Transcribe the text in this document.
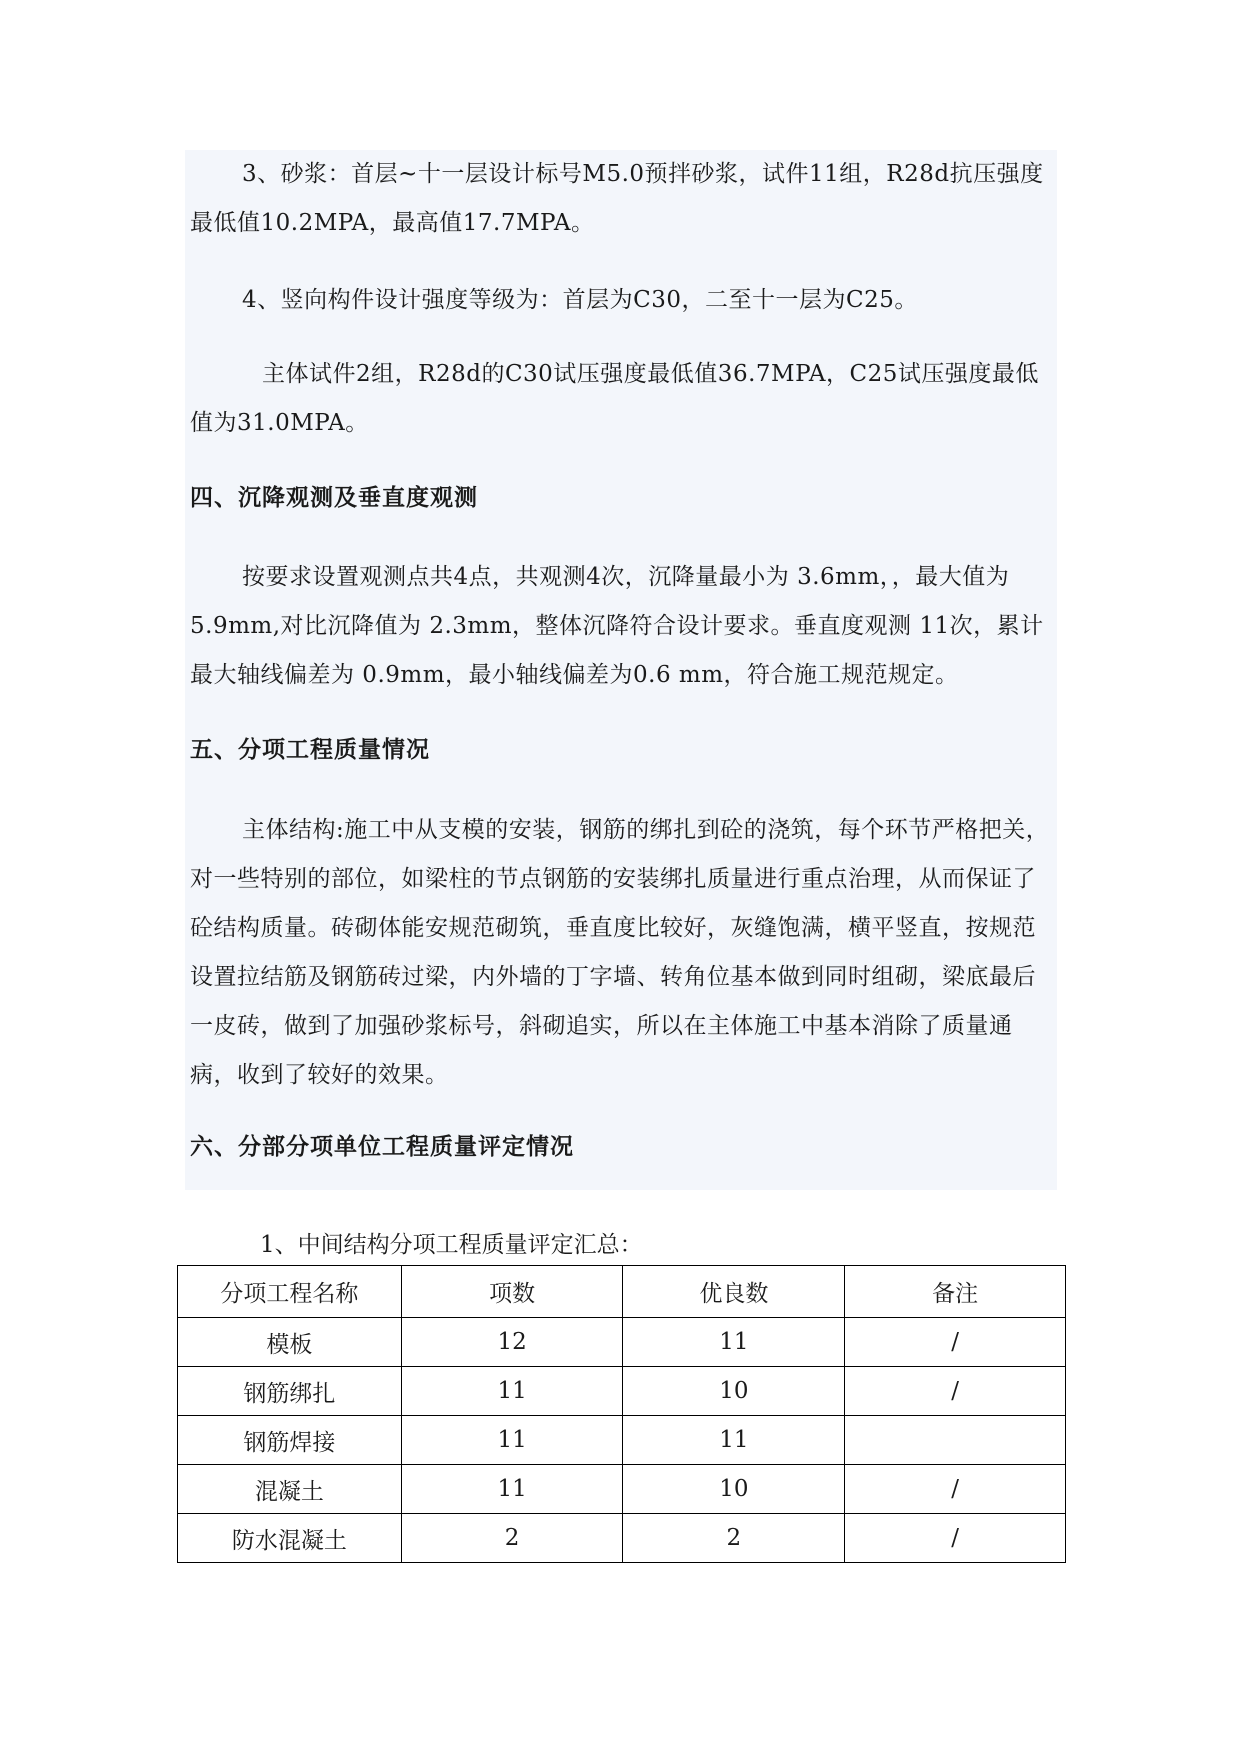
3、砂浆：首层~十一层设计标号M5.0预拌砂浆，试件11组，R28d抗压强度最低值10.2MPA，最高值17.7MPA。

4、竖向构件设计强度等级为：首层为C30，二至十一层为C25。

主体试件2组，R28d的C30试压强度最低值36.7MPA，C25试压强度最低值为31.0MPA。

四、沉降观测及垂直度观测

按要求设置观测点共4点，共观测4次，沉降量最小为 3.6mm，，最大值为5.9mm,对比沉降值为 2.3mm，整体沉降符合设计要求。垂直度观测 11次，累计最大轴线偏差为 0.9mm，最小轴线偏差为0.6 mm，符合施工规范规定。

五、分项工程质量情况

主体结构:施工中从支模的安装，钢筋的绑扎到砼的浇筑，每个环节严格把关，对一些特别的部位，如梁柱的节点钢筋的安装绑扎质量进行重点治理，从而保证了砼结构质量。砖砌体能安规范砌筑，垂直度比较好，灰缝饱满，横平竖直，按规范设置拉结筋及钢筋砖过梁，内外墙的丁字墙、转角位基本做到同时组砌，梁底最后一皮砖，做到了加强砂浆标号，斜砌追实，所以在主体施工中基本消除了质量通病，收到了较好的效果。

六、分部分项单位工程质量评定情况

1、中间结构分项工程质量评定汇总：

分项工程名称	项数	优良数	备注
模板	12	11	/
钢筋绑扎	11	10	/
钢筋焊接	11	11	
混凝土	11	10	/
防水混凝土	2	2	/
